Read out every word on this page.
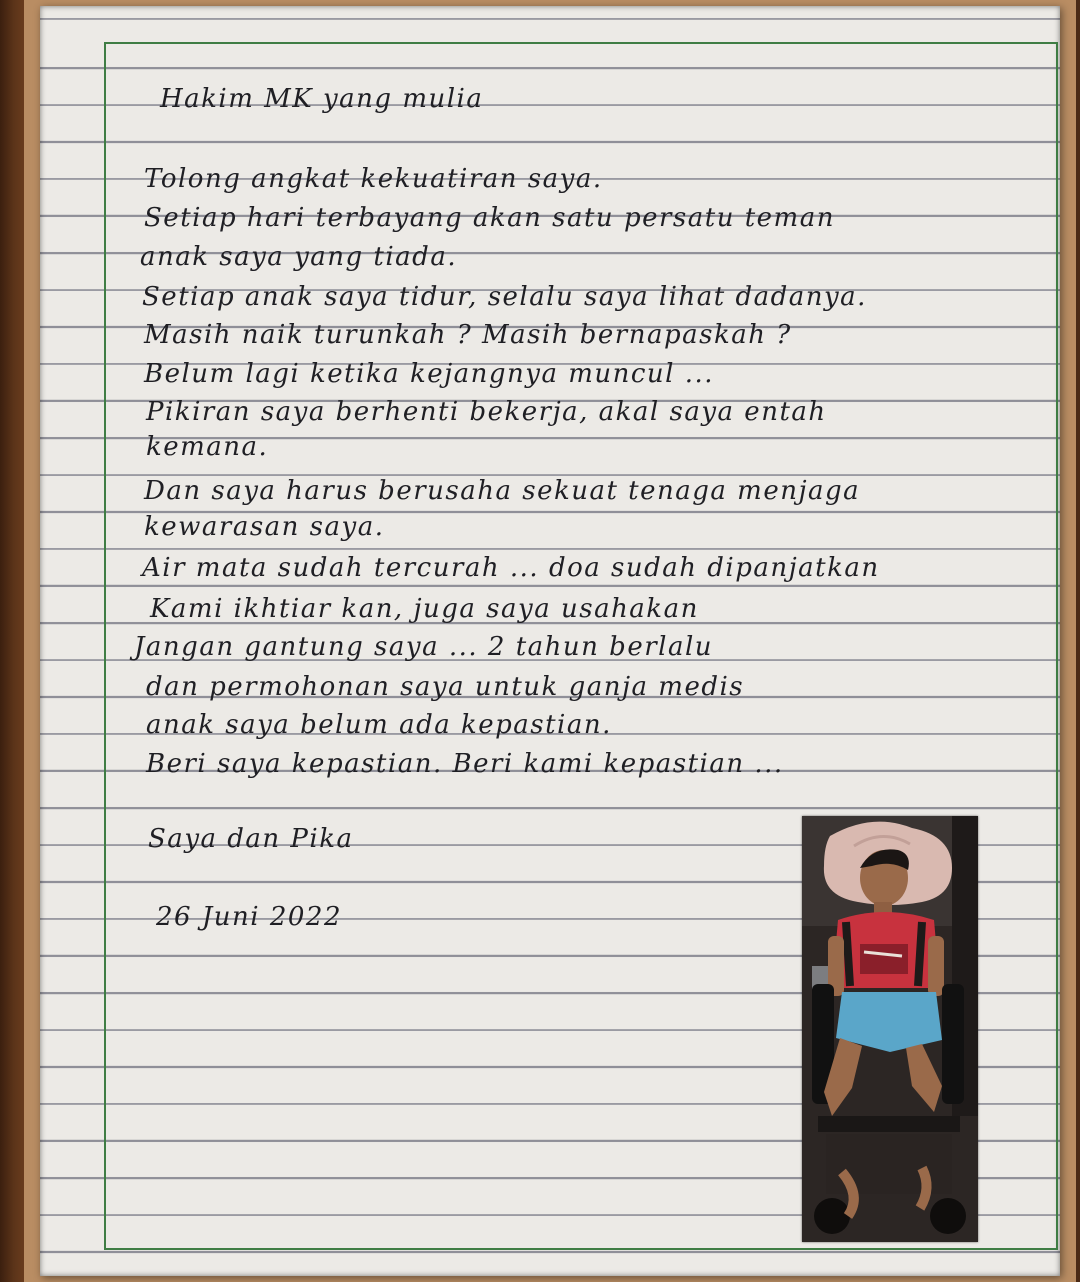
Hakim MK yang mulia
Tolong angkat kekuatiran saya.
Setiap hari terbayang akan satu persatu teman
anak saya yang tiada.
Setiap anak saya tidur, selalu saya lihat dadanya.
Masih naik turunkah ? Masih bernapaskah ?
Belum lagi ketika kejangnya muncul ...
Pikiran saya berhenti bekerja, akal saya entah
kemana.
Dan saya harus berusaha sekuat tenaga menjaga
kewarasan saya.
Air mata sudah tercurah ... doa sudah dipanjatkan
Kami ikhtiar kan, juga saya usahakan
Jangan gantung saya ... 2 tahun berlalu
dan permohonan saya untuk ganja medis
anak saya belum ada kepastian.
Beri saya kepastian. Beri kami kepastian ...
Saya dan Pika
26 Juni 2022
